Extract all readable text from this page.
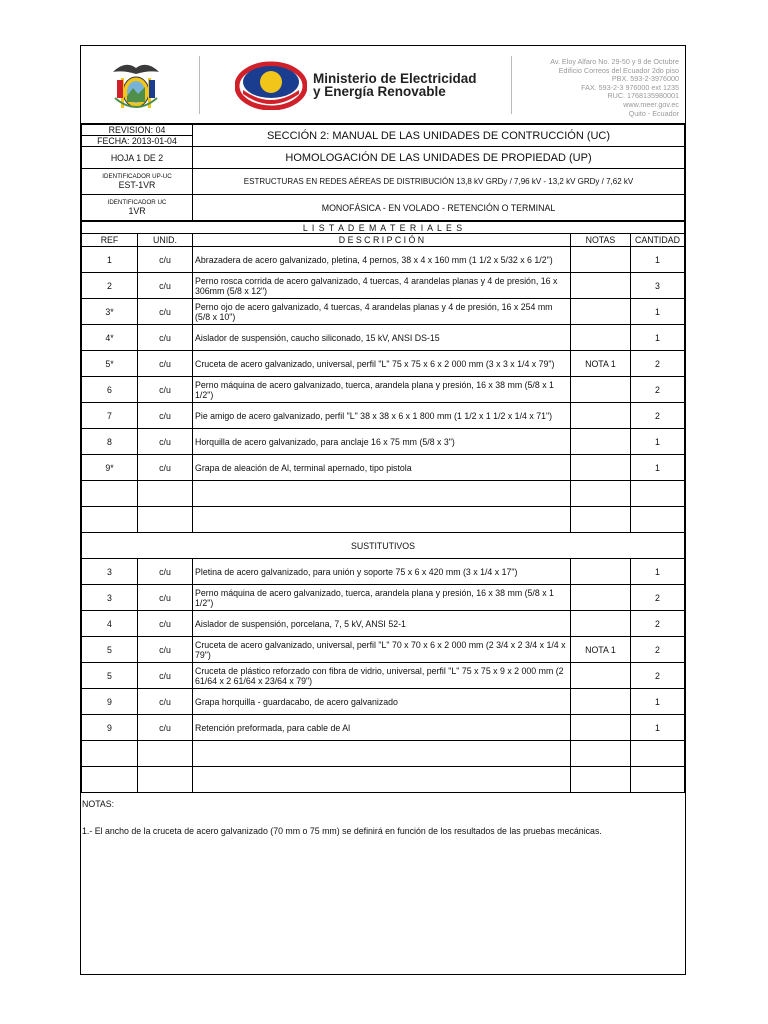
Ministerio de Electricidad
y Energía Renovable
Av. Eloy Alfaro No. 29-50 y 9 de Octubre
Edificio Correos del Ecuador 2do piso
PBX. 593-2-3976000
FAX. 593-2-3 976000 ext 1235
RUC. 1768135980001
www.meer.gov.ec
Quito - Ecuador
REVISION: 04	SECCIÓN 2: MANUAL DE LAS UNIDADES DE CONTRUCCIÓN (UC)
FECHA: 2013-01-04	
HOJA 1 DE 2	HOMOLOGACIÓN DE LAS UNIDADES DE PROPIEDAD (UP)

IDENTIFICADOR UP-UC
EST-1VR	ESTRUCTURAS EN REDES AÉREAS DE DISTRIBUCIÓN 13,8 kV GRDy / 7,96 kV - 13,2 kV GRDy / 7,62 kV

IDENTIFICADOR UC
1VR	MONOFÁSICA - EN VOLADO - RETENCIÓN O TERMINAL
L I S T A D E M A T E R I A L E S				
REF	UNID.	D E S C R I P C I Ó N	NOTAS	CANTIDAD
1	c/u	Abrazadera de acero galvanizado, pletina, 4 pernos, 38 x 4 x 160 mm (1 1/2 x 5/32 x 6 1/2")		1
2	c/u	Perno rosca corrida de acero galvanizado, 4 tuercas, 4 arandelas planas y 4 de presión, 16 x 306mm (5/8 x 12")		3
3*	c/u	Perno ojo de acero galvanizado, 4 tuercas, 4 arandelas planas y 4 de presión, 16 x 254 mm (5/8 x 10")		1
4*	c/u	Aislador de suspensión, caucho siliconado, 15 kV, ANSI DS-15		1
5*	c/u	Cruceta de acero galvanizado, universal, perfil "L" 75 x 75 x 6 x 2 000 mm (3 x 3 x 1/4 x 79")	NOTA 1	2
6	c/u	Perno máquina de acero galvanizado, tuerca, arandela plana y presión, 16 x 38 mm (5/8 x 1 1/2")		2
7	c/u	Pie amigo de acero galvanizado, perfil "L" 38 x 38 x 6 x 1 800 mm (1 1/2 x 1 1/2 x 1/4 x 71")		2
8	c/u	Horquilla de acero galvanizado, para anclaje 16 x 75 mm (5/8 x 3")		1
9*	c/u	Grapa de aleación de Al, terminal apernado, tipo pistola		1

SUSTITUTIVOS				
3	c/u	Pletina de acero galvanizado, para unión y soporte 75 x 6 x 420 mm (3 x 1/4 x 17")		1
3	c/u	Perno máquina de acero galvanizado, tuerca, arandela plana y presión, 16 x 38 mm (5/8 x 1 1/2")		2
4	c/u	Aislador de suspensión, porcelana, 7, 5 kV, ANSI 52-1		2
5	c/u	Cruceta de acero galvanizado, universal, perfil "L" 70 x 70 x 6 x 2 000 mm (2 3/4 x 2 3/4 x 1/4 x 79")	NOTA 1	2
5	c/u	Cruceta de plástico reforzado con fibra de vidrio, universal, perfil "L" 75 x 75 x 9 x 2 000 mm (2 61/64 x 2 61/64 x 23/64 x 79")		2
9	c/u	Grapa horquilla - guardacabo, de acero galvanizado		1
9	c/u	Retención preformada, para cable de Al		1

NOTAS:
1.- El ancho de la cruceta de acero galvanizado (70 mm o 75 mm) se definirá en función de los resultados de las pruebas mecánicas.
